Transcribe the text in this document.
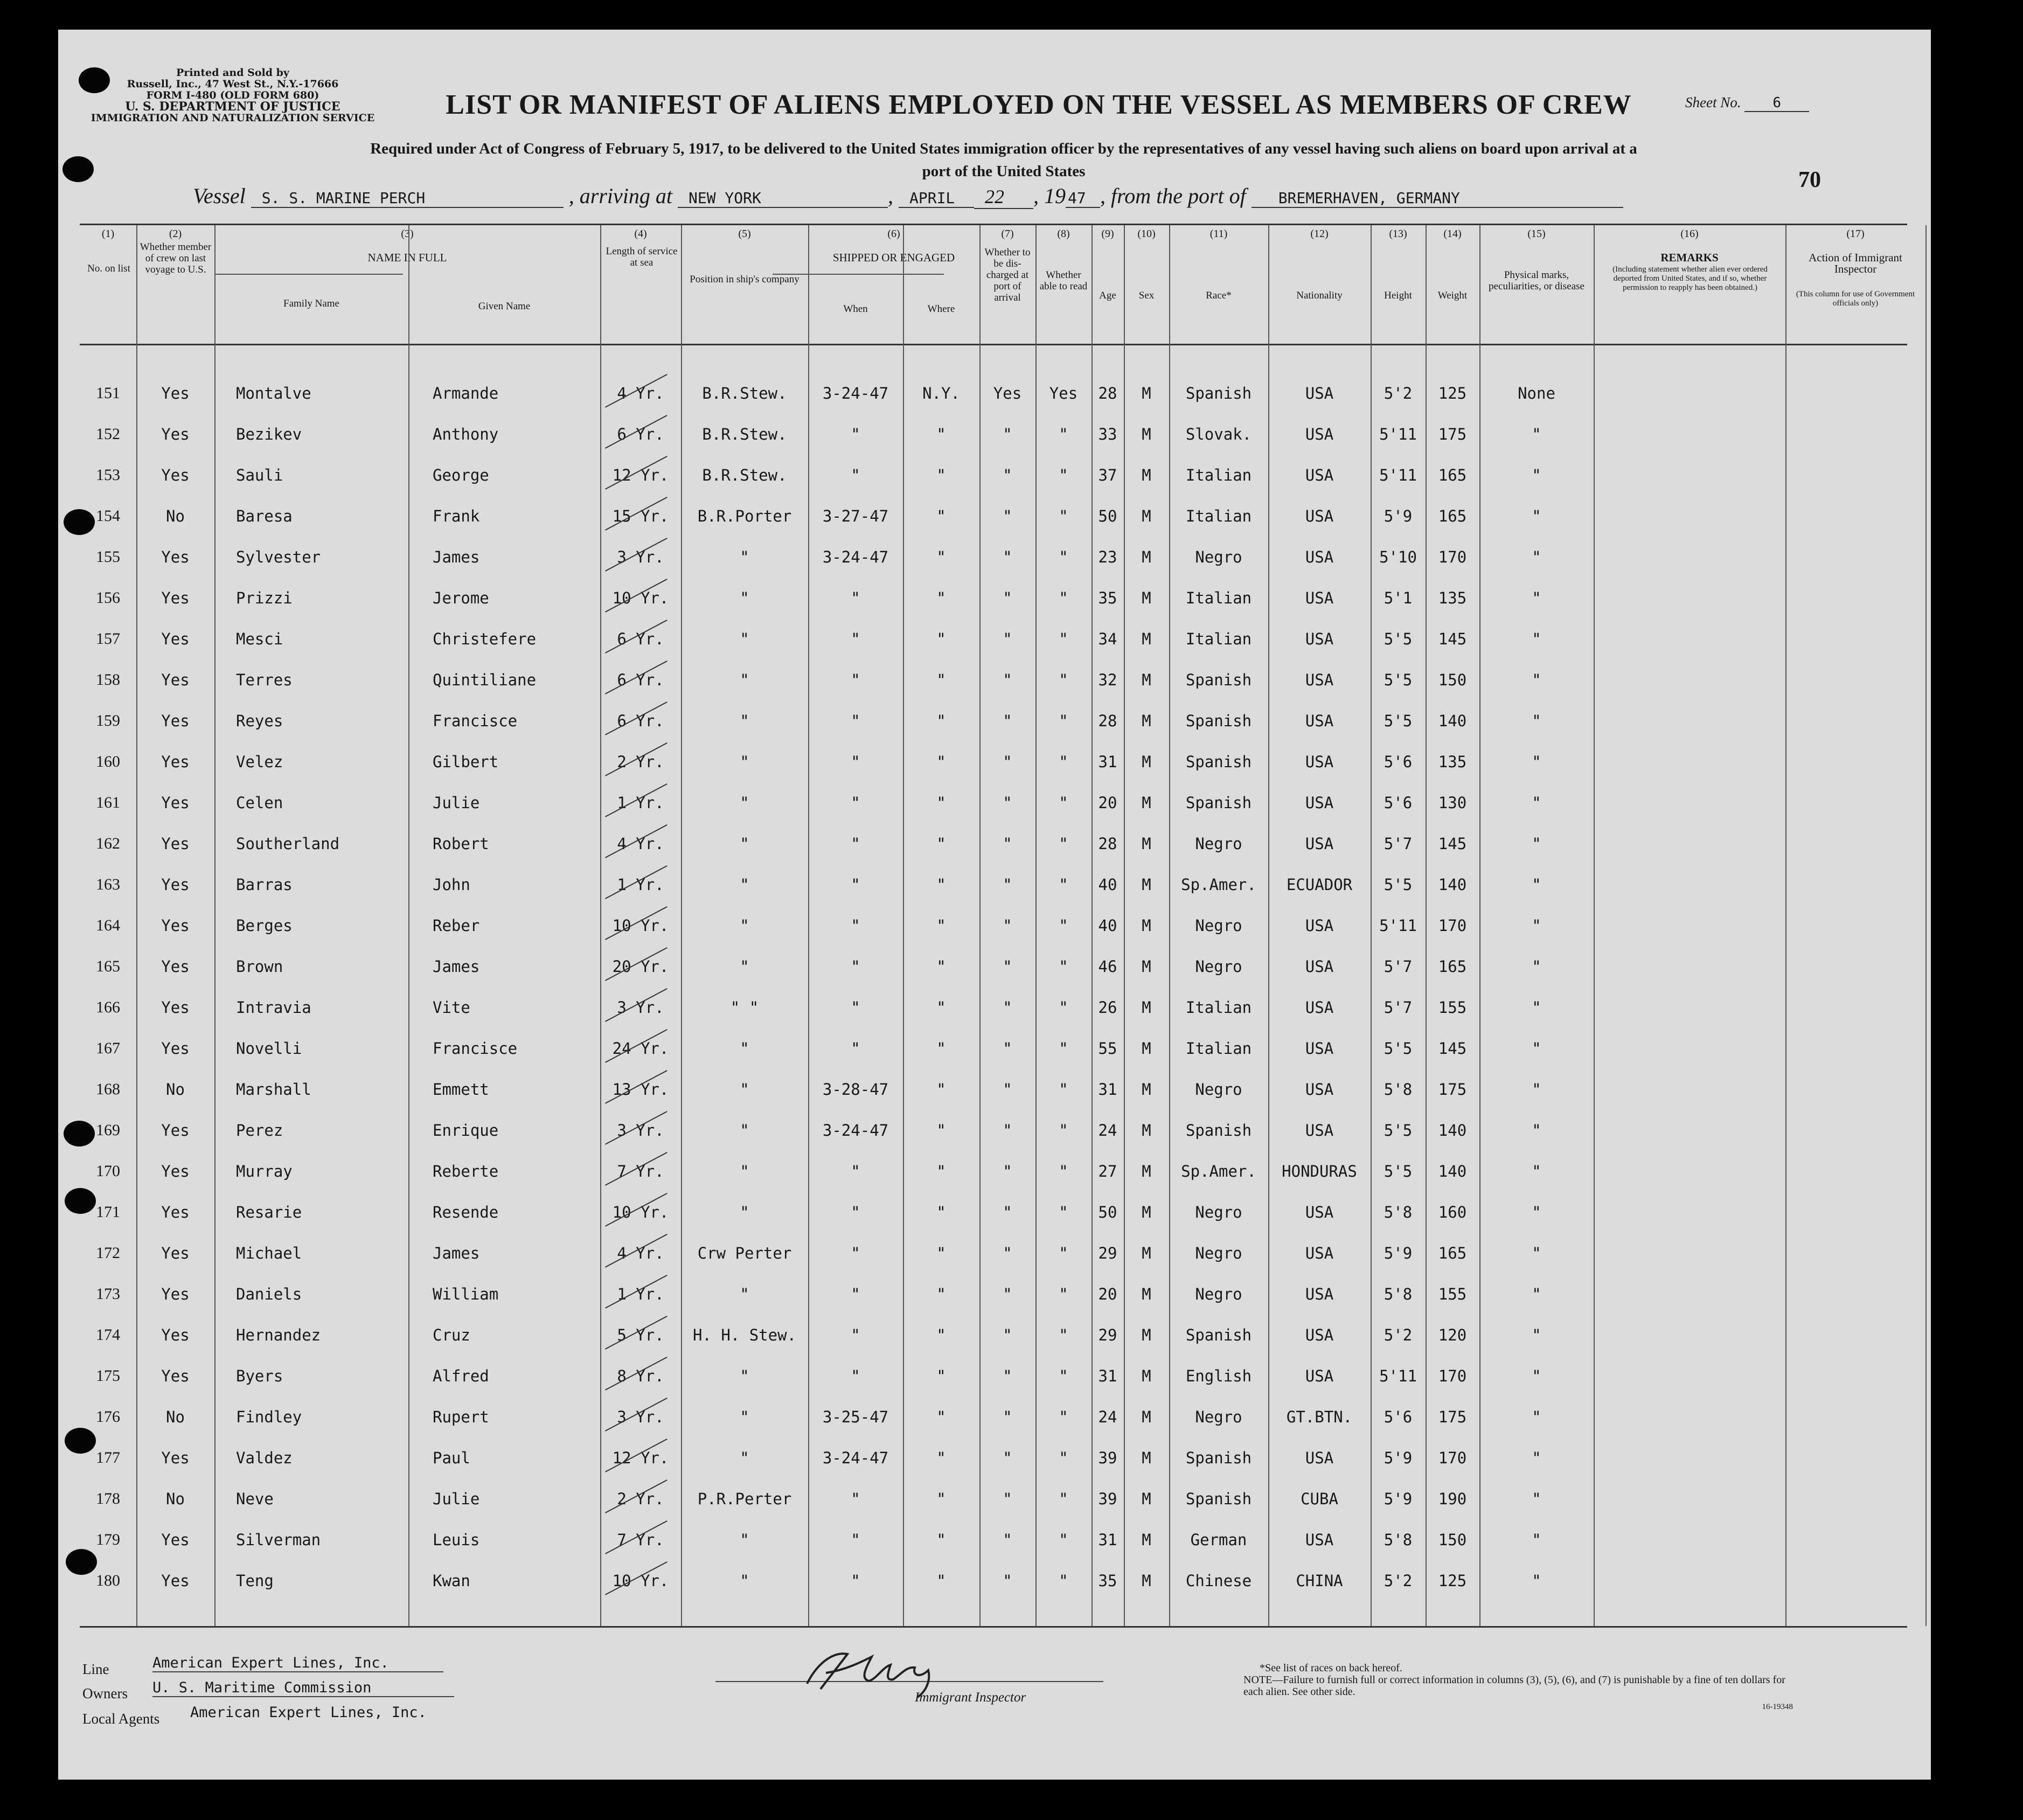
Printed and Sold by
Russell, Inc., 47 West St., N.Y.-17666
FORM I-480 (OLD FORM 680)
U. S. DEPARTMENT OF JUSTICE
IMMIGRATION AND NATURALIZATION SERVICE	LIST OR MANIFEST OF ALIENS EMPLOYED ON THE VESSEL AS MEMBERS OF CREW	Sheet No. 6
Required under Act of Congress of February 5, 1917, to be delivered to the United States immigration officer by the representatives of any vessel having such aliens on board upon arrival at a
port of the United States	70
Vessel S. S. MARINE PERCH	, arriving at NEW YORK	, APRIL 22 , 19 47 , from the port of BREMERHAVEN, GERMANY
(1)	(2)	(3)	(4)	(5)	(6)	(7)	(8)	(9)	(10)	(11)	(12)	(13)	(14)	(15)	(16)	(17)
No. on list
Whether member of crew on last voyage to U.S.
NAME IN FULL
Family Name	Given Name
Length of service at sea
Position in ship's company
SHIPPED OR ENGAGED
When	Where
Whether to be dis-charged at port of arrival
Whether able to read
Age	Sex	Race*	Nationality	Height	Weight
Physical marks, peculiarities, or disease
REMARKS
(Including statement whether alien ever ordered deported from United States, and if so, whether permission to reapply has been obtained.)
Action of Immigrant Inspector
(This column for use of Government officials only)
151	Yes	Montalve	Armande	4 Yr.	B.R.Stew.	3-24-47	N.Y.	Yes	Yes	28	M	Spanish	USA	5'2	125	None
152	Yes	Bezikev	Anthony	6 Yr.	B.R.Stew.	"	"	"	"	33	M	Slovak.	USA	5'11	175	"
153	Yes	Sauli	George	12 Yr.	B.R.Stew.	"	"	"	"	37	M	Italian	USA	5'11	165	"
154	No	Baresa	Frank	15 Yr.	B.R.Porter	3-27-47	"	"	"	50	M	Italian	USA	5'9	165	"
155	Yes	Sylvester	James	3 Yr.	"	3-24-47	"	"	"	23	M	Negro	USA	5'10	170	"
156	Yes	Prizzi	Jerome	10 Yr.	"	"	"	"	"	35	M	Italian	USA	5'1	135	"
157	Yes	Mesci	Christefere	6 Yr.	"	"	"	"	"	34	M	Italian	USA	5'5	145	"
158	Yes	Terres	Quintiliane	6 Yr.	"	"	"	"	"	32	M	Spanish	USA	5'5	150	"
159	Yes	Reyes	Francisce	6 Yr.	"	"	"	"	"	28	M	Spanish	USA	5'5	140	"
160	Yes	Velez	Gilbert	2 Yr.	"	"	"	"	"	31	M	Spanish	USA	5'6	135	"
161	Yes	Celen	Julie	1 Yr.	"	"	"	"	"	20	M	Spanish	USA	5'6	130	"
162	Yes	Southerland	Robert	4 Yr.	"	"	"	"	"	28	M	Negro	USA	5'7	145	"
163	Yes	Barras	John	1 Yr.	"	"	"	"	"	40	M	Sp.Amer.	ECUADOR	5'5	140	"
164	Yes	Berges	Reber	10 Yr.	"	"	"	"	"	40	M	Negro	USA	5'11	170	"
165	Yes	Brown	James	20 Yr.	"	"	"	"	"	46	M	Negro	USA	5'7	165	"
166	Yes	Intravia	Vite	3 Yr.	" "	"	"	"	"	26	M	Italian	USA	5'7	155	"
167	Yes	Novelli	Francisce	24 Yr.	"	"	"	"	"	55	M	Italian	USA	5'5	145	"
168	No	Marshall	Emmett	13 Yr.	"	3-28-47	"	"	"	31	M	Negro	USA	5'8	175	"
169	Yes	Perez	Enrique	3 Yr.	"	3-24-47	"	"	"	24	M	Spanish	USA	5'5	140	"
170	Yes	Murray	Reberte	7 Yr.	"	"	"	"	"	27	M	Sp.Amer.	HONDURAS	5'5	140	"
171	Yes	Resarie	Resende	10 Yr.	"	"	"	"	"	50	M	Negro	USA	5'8	160	"
172	Yes	Michael	James	4 Yr.	Crw Perter	"	"	"	"	29	M	Negro	USA	5'9	165	"
173	Yes	Daniels	William	1 Yr.	"	"	"	"	"	20	M	Negro	USA	5'8	155	"
174	Yes	Hernandez	Cruz	5 Yr.	H. H. Stew.	"	"	"	"	29	M	Spanish	USA	5'2	120	"
175	Yes	Byers	Alfred	8 Yr.	"	"	"	"	"	31	M	English	USA	5'11	170	"
176	No	Findley	Rupert	3 Yr.	"	3-25-47	"	"	"	24	M	Negro	GT.BTN.	5'6	175	"
177	Yes	Valdez	Paul	12 Yr.	"	3-24-47	"	"	"	39	M	Spanish	USA	5'9	170	"
178	No	Neve	Julie	2 Yr.	P.R.Perter	"	"	"	"	39	M	Spanish	CUBA	5'9	190	"
179	Yes	Silverman	Leuis	7 Yr.	"	"	"	"	"	31	M	German	USA	5'8	150	"
180	Yes	Teng	Kwan	10 Yr.	"	"	"	"	"	35	M	Chinese	CHINA	5'2	125	"
Line	American Expert Lines, Inc.
Owners U. S. Maritime Commission
Local Agents American Expert Lines, Inc.
Immigrant Inspector
*See list of races on back hereof.
NOTE—Failure to furnish full or correct information in columns (3), (5), (6), and (7) is punishable by a fine of ten dollars for each alien. See other side.
16-19348
